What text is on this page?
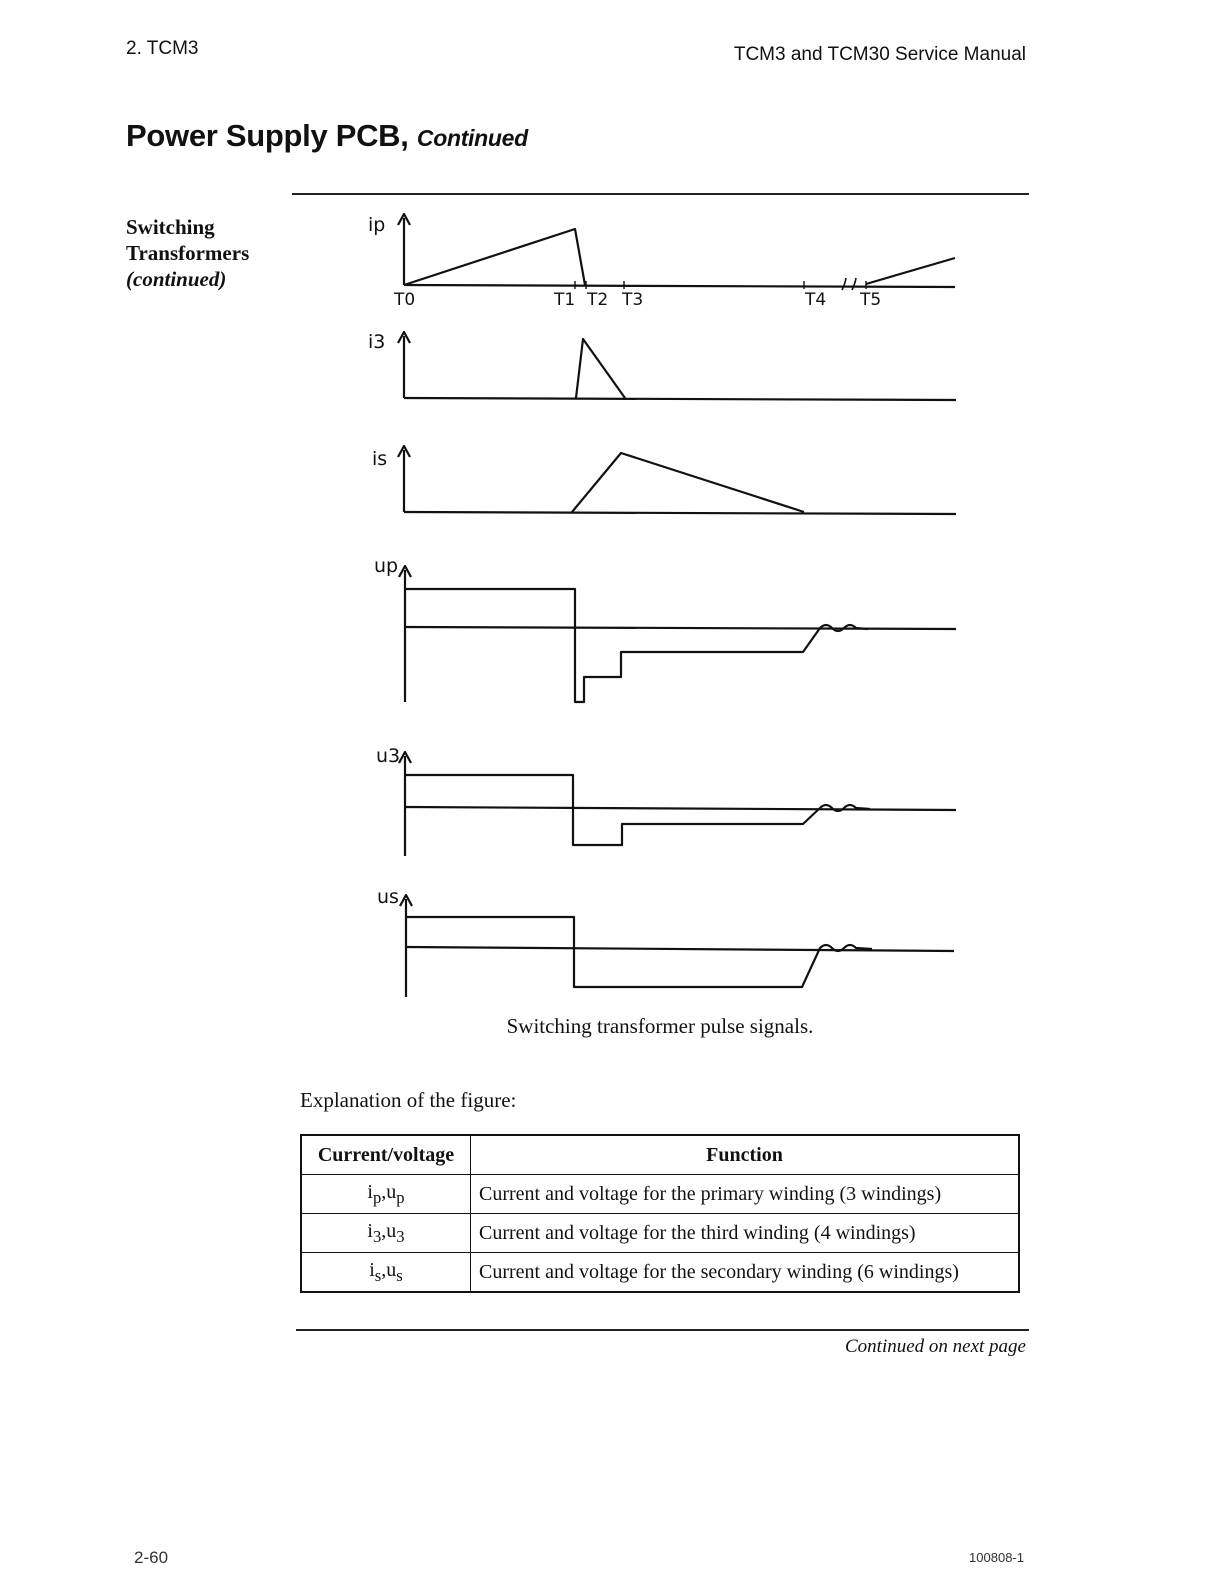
2. TCM3	TCM3 and TCM30 Service Manual
Power Supply PCB, Continued
Switching
Transformers
(continued)
ip
i3
is
up
u3
us
T0	T1 T2 T3	T4 T5
Switching transformer pulse signals.
Explanation of the figure:
Current/voltage	Function
$i_p,u_p$	Current and voltage for the primary winding (3 windings)
$i_3,u_3$	Current and voltage for the third winding (4 windings)
$i_s,u_s$	Current and voltage for the secondary winding (6 windings)
Continued on next page
2-60	100808-1
